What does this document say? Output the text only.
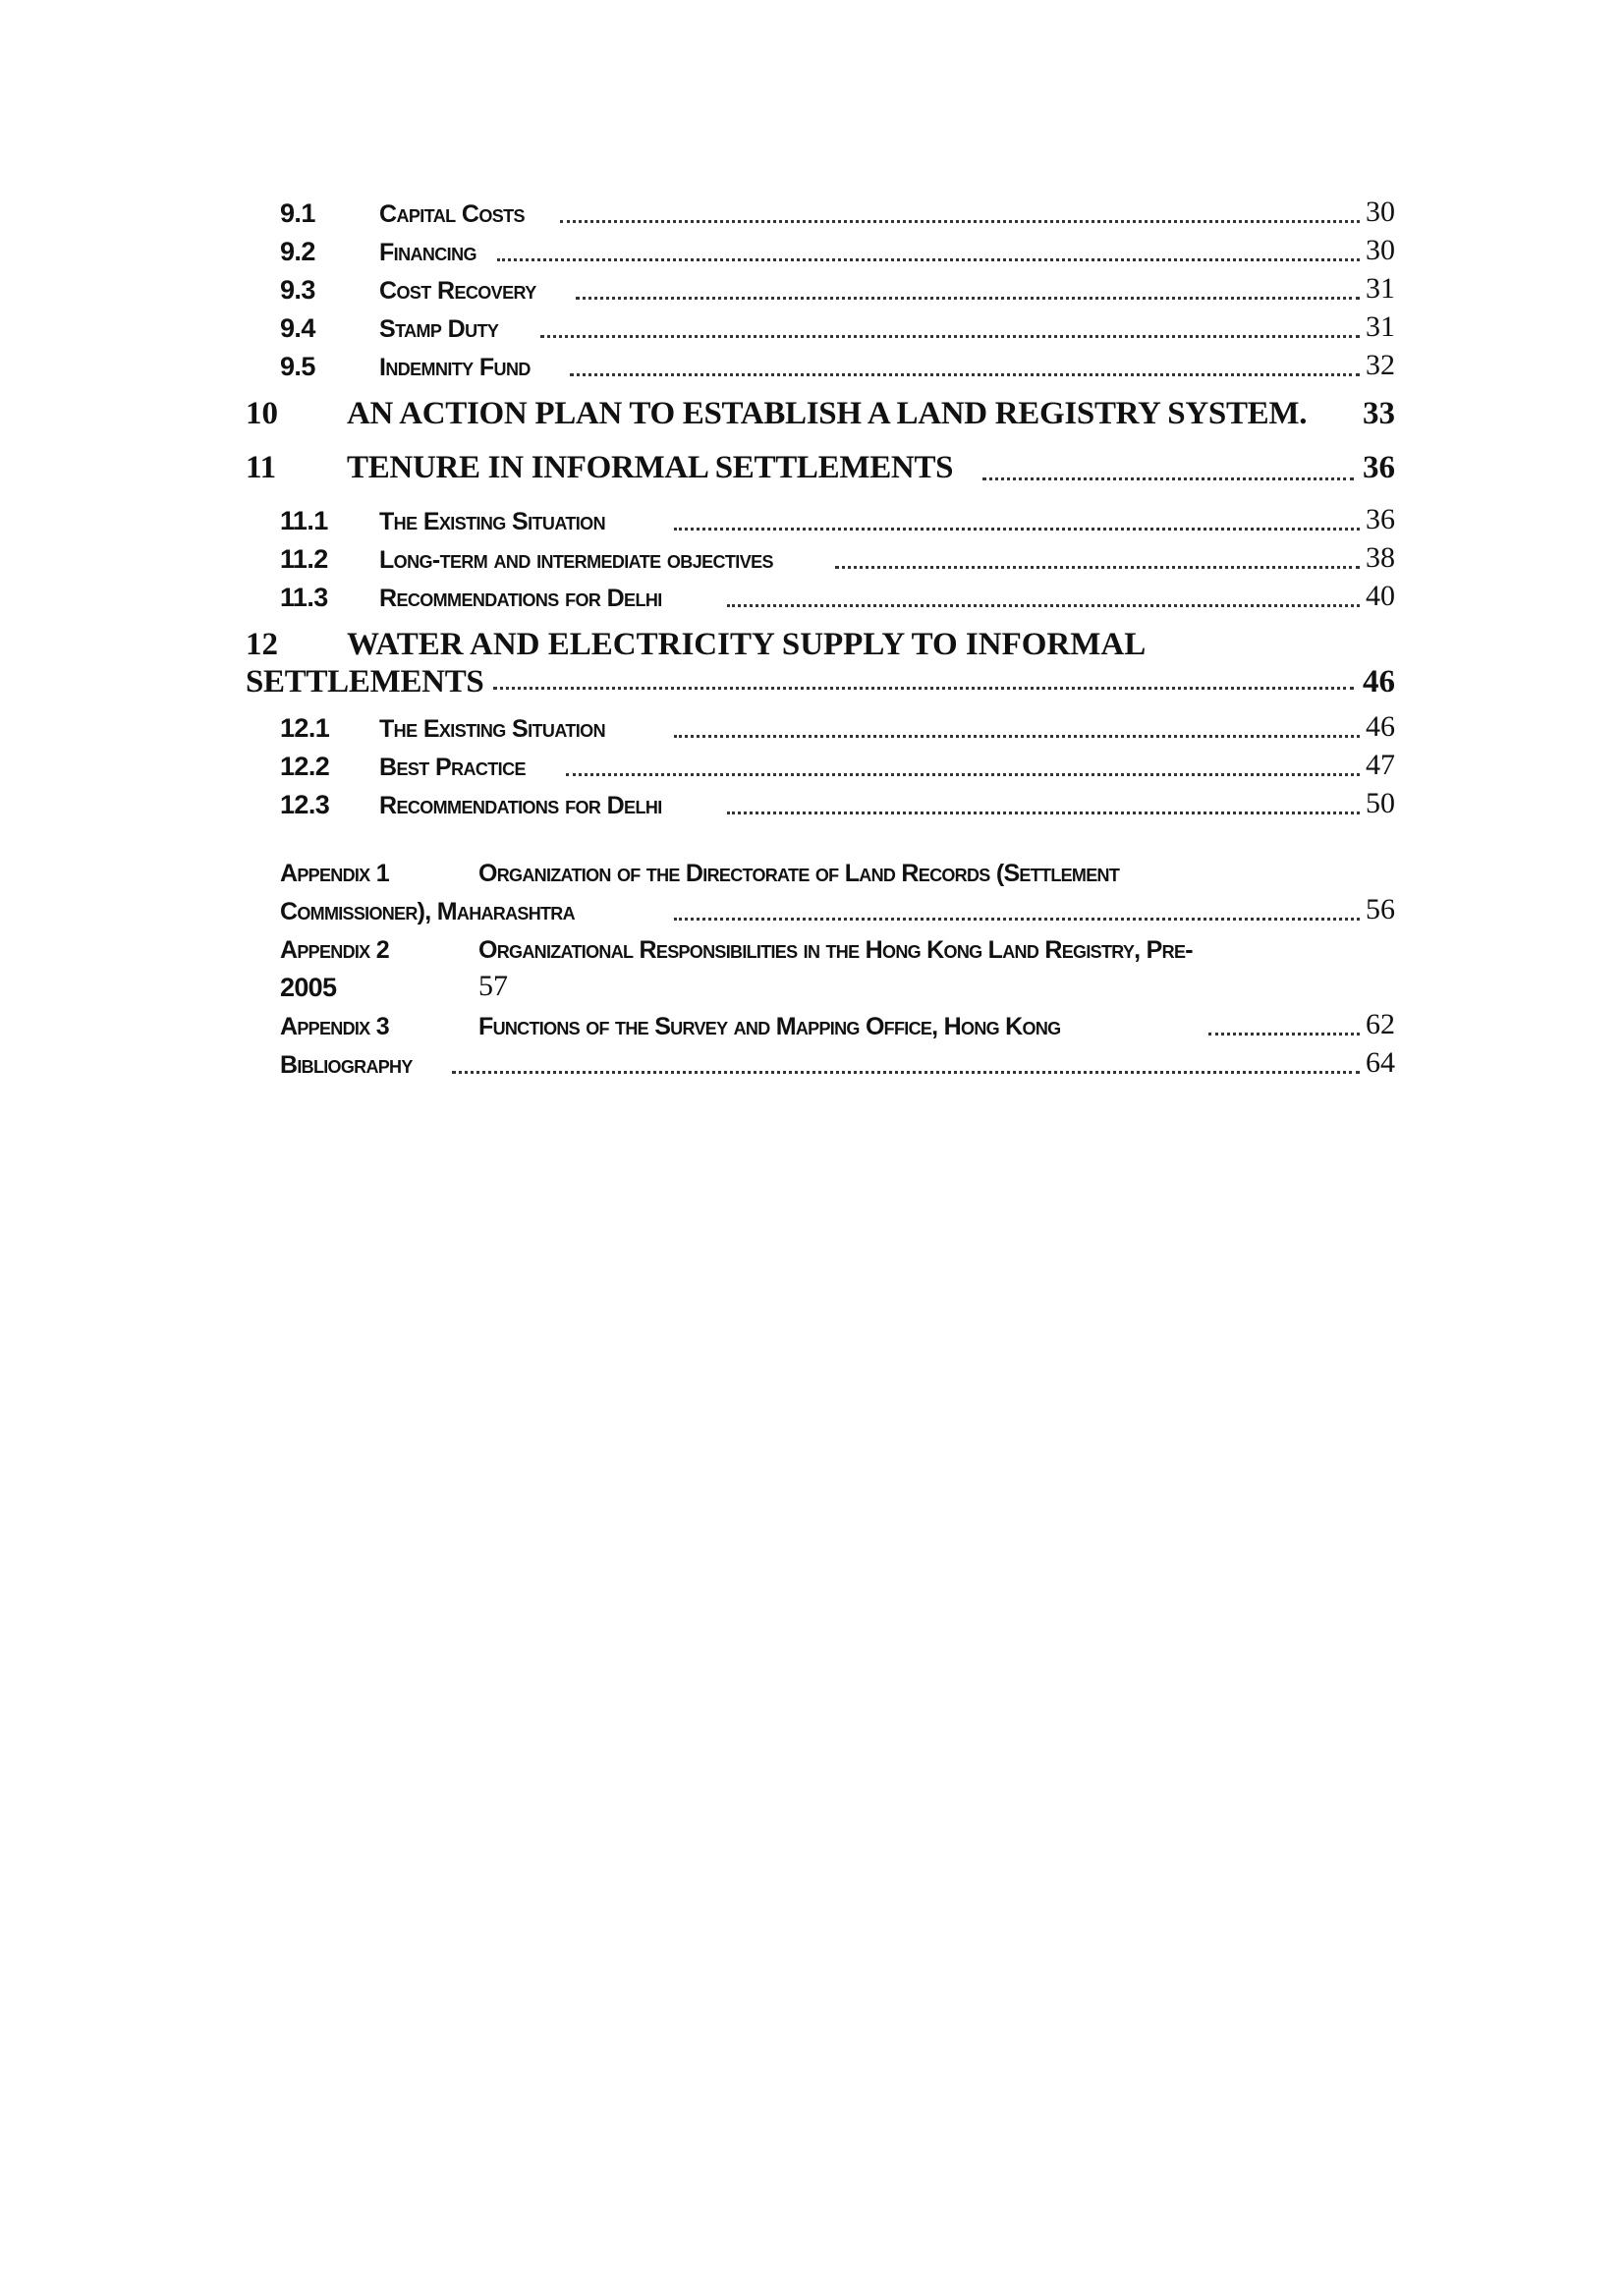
9.1	Capital Costs	30
9.2	Financing	30
9.3	Cost Recovery	31
9.4	Stamp Duty	31
9.5	Indemnity Fund	32
10 AN ACTION PLAN TO ESTABLISH A LAND REGISTRY SYSTEM. 33
11 TENURE IN INFORMAL SETTLEMENTS	36
11.1 The Existing Situation	36
11.2 Long-term and intermediate objectives	38
11.3 Recommendations for Delhi	40
12 WATER AND ELECTRICITY SUPPLY TO INFORMAL
SETTLEMENTS	46
12.1 The Existing Situation	46
12.2 Best Practice	47
12.3 Recommendations for Delhi	50
Appendix 1	Organization of the Directorate of Land Records (Settlement
Commissioner), Maharashtra	56
Appendix 2	Organizational Responsibilities in the Hong Kong Land Registry, Pre-
2005	57
Appendix 3	Functions of the Survey and Mapping Office, Hong Kong	62
Bibliography	64
